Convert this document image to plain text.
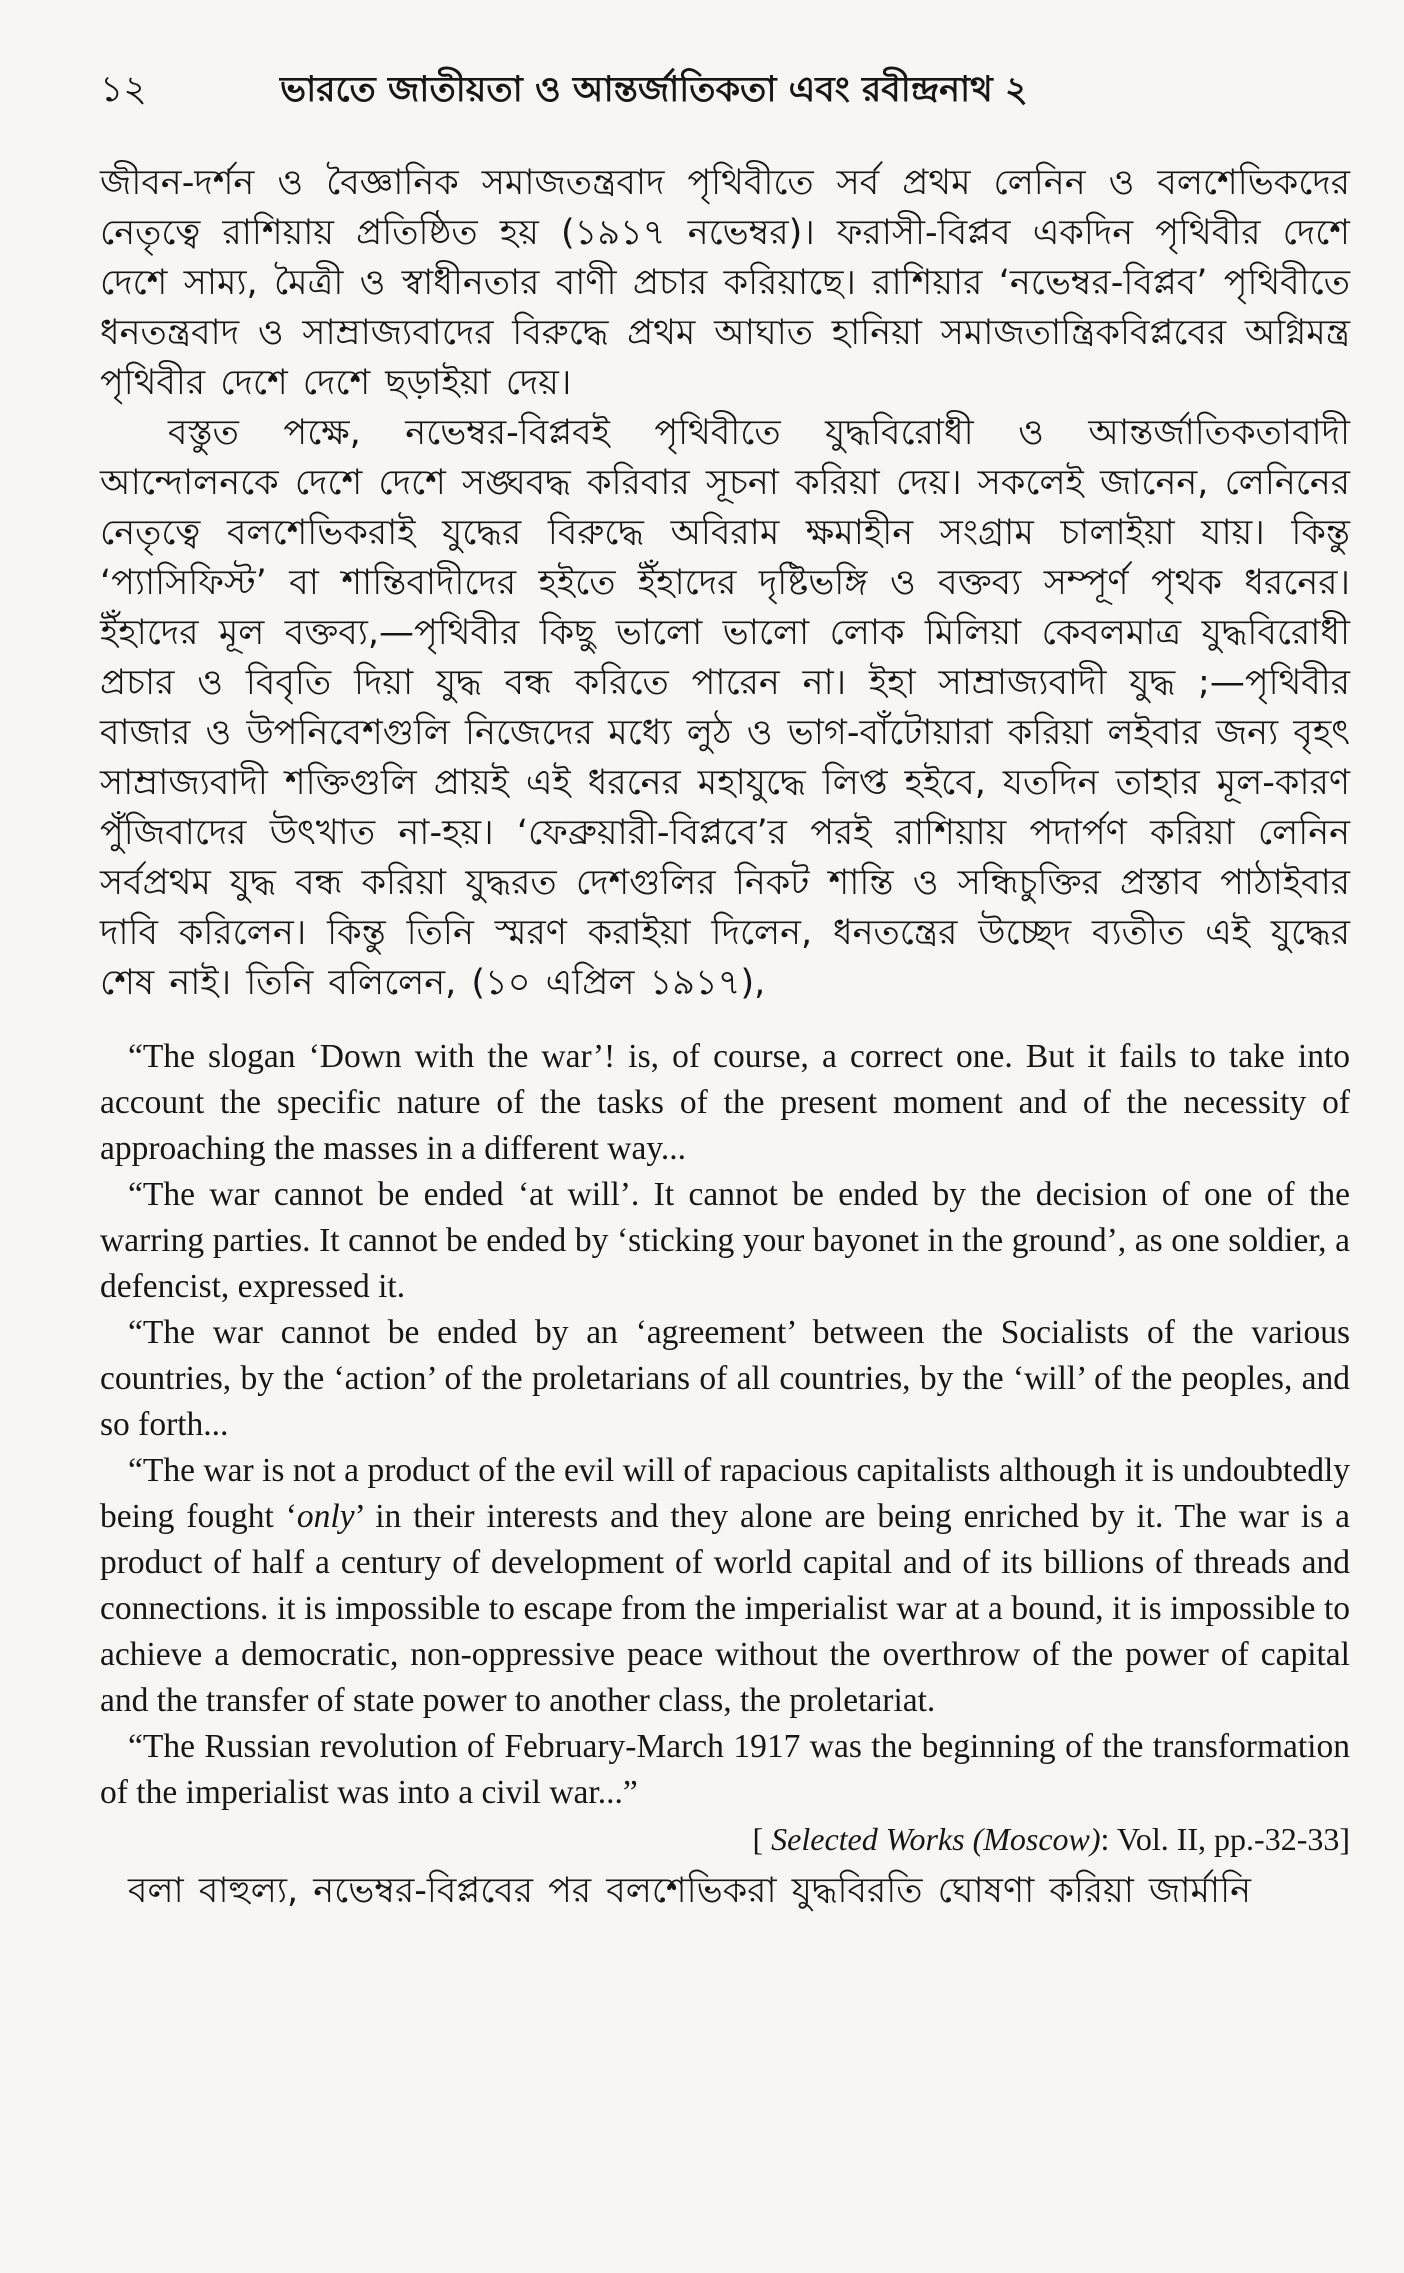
১২	ভারতে জাতীয়তা ও আন্তর্জাতিকতা এবং রবীন্দ্রনাথ ২

জীবন-দর্শন ও বৈজ্ঞানিক সমাজতন্ত্রবাদ পৃথিবীতে সর্ব প্রথম লেনিন ও বলশেভিকদের নেতৃত্বে রাশিয়ায় প্রতিষ্ঠিত হয় (১৯১৭ নভেম্বর)। ফরাসী-বিপ্লব একদিন পৃথিবীর দেশে দেশে সাম্য, মৈত্রী ও স্বাধীনতার বাণী প্রচার করিয়াছে। রাশিয়ার ‘নভেম্বর-বিপ্লব’ পৃথিবীতে ধনতন্ত্রবাদ ও সাম্রাজ্যবাদের বিরুদ্ধে প্রথম আঘাত হানিয়া সমাজতান্ত্রিকবিপ্লবের অগ্নিমন্ত্র পৃথিবীর দেশে দেশে ছড়াইয়া দেয়।

বস্তুত পক্ষে, নভেম্বর-বিপ্লবই পৃথিবীতে যুদ্ধবিরোধী ও আন্তর্জাতিকতাবাদী আন্দোলনকে দেশে দেশে সঙ্ঘবদ্ধ করিবার সূচনা করিয়া দেয়। সকলেই জানেন, লেনিনের নেতৃত্বে বলশেভিকরাই যুদ্ধের বিরুদ্ধে অবিরাম ক্ষমাহীন সংগ্রাম চালাইয়া যায়। কিন্তু ‘প্যাসিফিস্ট’ বা শান্তিবাদীদের হইতে ইঁহাদের দৃষ্টিভঙ্গি ও বক্তব্য সম্পূর্ণ পৃথক ধরনের। ইঁহাদের মূল বক্তব্য,—পৃথিবীর কিছু ভালো ভালো লোক মিলিয়া কেবলমাত্র যুদ্ধবিরোধী প্রচার ও বিবৃতি দিয়া যুদ্ধ বন্ধ করিতে পারেন না। ইহা সাম্রাজ্যবাদী যুদ্ধ ;—পৃথিবীর বাজার ও উপনিবেশগুলি নিজেদের মধ্যে লুঠ ও ভাগ-বাঁটোয়ারা করিয়া লইবার জন্য বৃহৎ সাম্রাজ্যবাদী শক্তিগুলি প্রায়ই এই ধরনের মহাযুদ্ধে লিপ্ত হইবে, যতদিন তাহার মূল-কারণ পুঁজিবাদের উৎখাত না-হয়। ‘ফেব্রুয়ারী-বিপ্লবে’র পরই রাশিয়ায় পদার্পণ করিয়া লেনিন সর্বপ্রথম যুদ্ধ বন্ধ করিয়া যুদ্ধরত দেশগুলির নিকট শান্তি ও সন্ধিচুক্তির প্রস্তাব পাঠাইবার দাবি করিলেন। কিন্তু তিনি স্মরণ করাইয়া দিলেন, ধনতন্ত্রের উচ্ছেদ ব্যতীত এই যুদ্ধের শেষ নাই। তিনি বলিলেন, (১০ এপ্রিল ১৯১৭),

“The slogan ‘Down with the war’! is, of course, a correct one. But it fails to take into account the specific nature of the tasks of the present moment and of the necessity of approaching the masses in a different way...

“The war cannot be ended ‘at will’. It cannot be ended by the decision of one of the warring parties. It cannot be ended by ‘sticking your bayonet in the ground’, as one soldier, a defencist, expressed it.

“The war cannot be ended by an ‘agreement’ between the Socialists of the various countries, by the ‘action’ of the proletarians of all countries, by the ‘will’ of the peoples, and so forth...

“The war is not a product of the evil will of rapacious capitalists although it is undoubtedly being fought ‘only’ in their interests and they alone are being enriched by it. The war is a product of half a century of development of world capital and of its billions of threads and connections. it is impossible to escape from the imperialist war at a bound, it is impossible to achieve a democratic, non-oppressive peace without the overthrow of the power of capital and the transfer of state power to another class, the proletariat.

“The Russian revolution of February-March 1917 was the beginning of the transformation of the imperialist was into a civil war...”

[ Selected Works (Moscow): Vol. II, pp.-32-33]

বলা বাহুল্য, নভেম্বর-বিপ্লবের পর বলশেভিকরা যুদ্ধবিরতি ঘোষণা করিয়া জার্মানি
